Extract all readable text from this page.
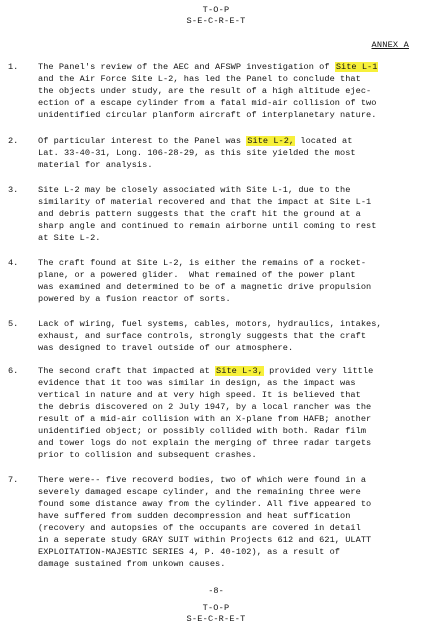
T-O-P
S-E-C-R-E-T
ANNEX A
1.	The Panel's review of the AEC and AFSWP investigation of Site L-1
and the Air Force Site L-2, has led the Panel to conclude that
the objects under study, are the result of a high altitude ejec-
ection of a escape cylinder from a fatal mid-air collision of two
unidentified circular planform aircraft of interplanetary nature.
2.	Of particular interest to the Panel was Site L-2, located at
Lat. 33-40-31, Long. 106-28-29, as this site yielded the most
material for analysis.
3.	Site L-2 may be closely associated with Site L-1, due to the
similarity of material recovered and that the impact at Site L-1
and debris pattern suggests that the craft hit the ground at a
sharp angle and continued to remain airborne until coming to rest
at Site L-2.
4.	The craft found at Site L-2, is either the remains of a rocket-
plane, or a powered glider.  What remained of the power plant
was examined and determined to be of a magnetic drive propulsion
powered by a fusion reactor of sorts.
5.	Lack of wiring, fuel systems, cables, motors, hydraulics, intakes,
exhaust, and surface controls, strongly suggests that the craft
was designed to travel outside of our atmosphere.
6.	The second craft that impacted at Site L-3, provided very little
evidence that it too was similar in design, as the impact was
vertical in nature and at very high speed. It is believed that
the debris discovered on 2 July 1947, by a local rancher was the
result of a mid-air collision with an X-plane from HAFB; another
unidentified object; or possibly collided with both. Radar film
and tower logs do not explain the merging of three radar targets
prior to collision and subsequent crashes.
7.	There were-- five recoverd bodies, two of which were found in a
severely damaged escape cylinder, and the remaining three were
found some distance away from the cylinder. All five appeared to
have suffered from sudden decompression and heat suffication
(recovery and autopsies of the occupants are covered in detail
in a seperate study GRAY SUIT within Projects 612 and 621, ULATT
EXPLOITATION-MAJESTIC SERIES 4, P. 40-102), as a result of
damage sustained from unkown causes.
-8-
T-O-P
S-E-C-R-E-T
